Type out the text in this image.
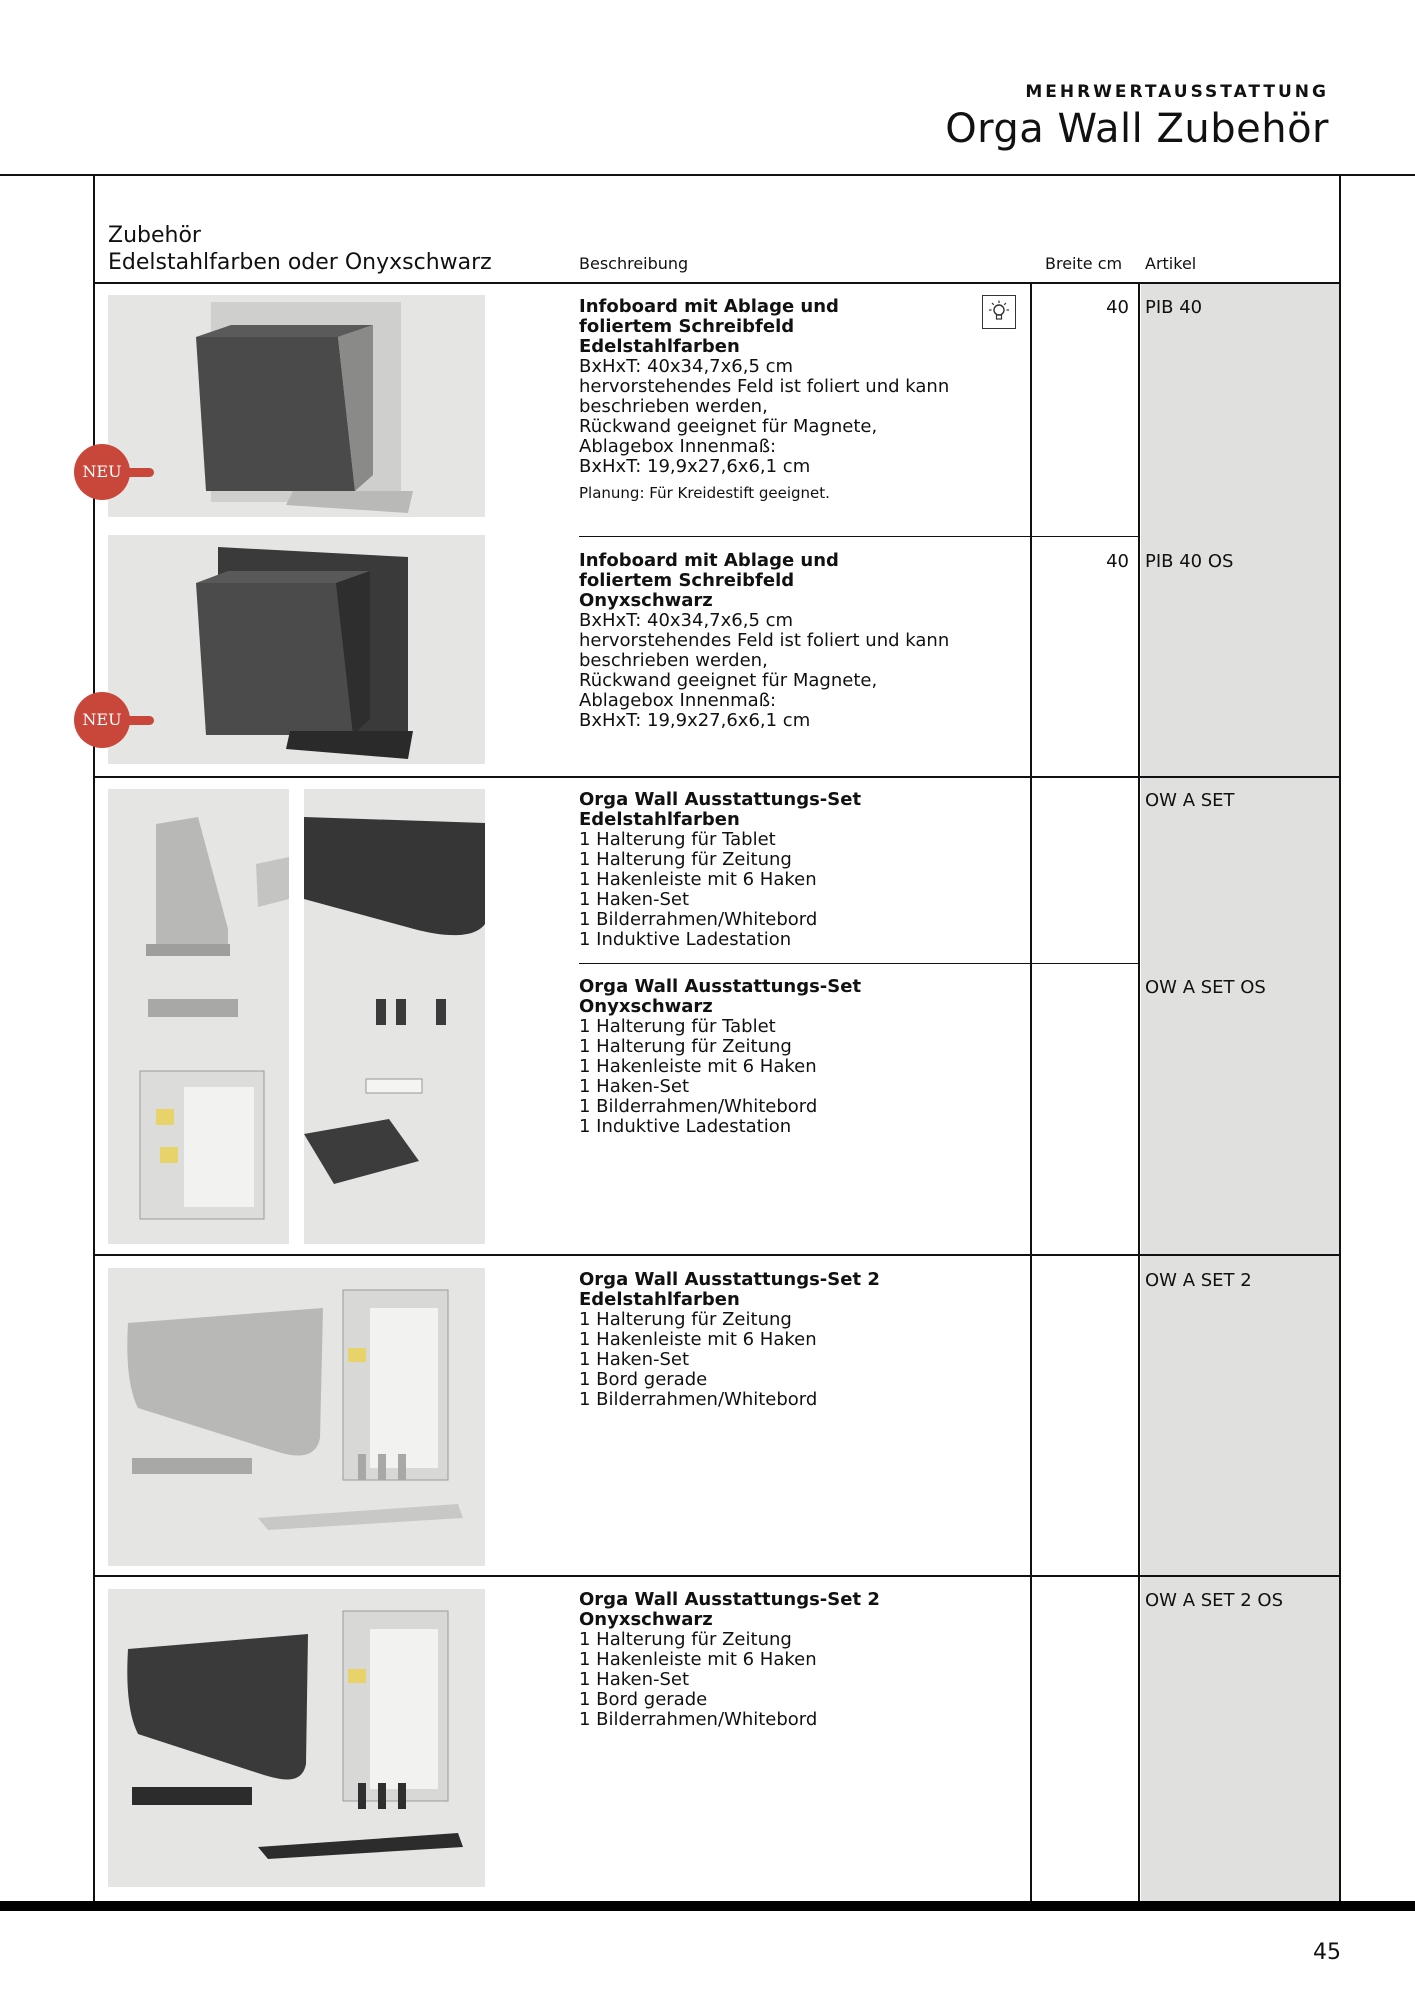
MEHRWERTAUSSTATTUNG
Orga Wall Zubehör
Zubehör
Edelstahlfarben oder Onyxschwarz	Beschreibung	Breite cm Artikel
NEU
NEU
Infoboard mit Ablage und
foliertem Schreibfeld
Edelstahlfarben
BxHxT: 40x34,7x6,5 cm
hervorstehendes Feld ist foliert und kann
beschrieben werden,
Rückwand geeignet für Magnete,
Ablagebox Innenmaß:
BxHxT: 19,9x27,6x6,1 cm
Planung: Für Kreidestift geeignet.
40 PIB 40
Infoboard mit Ablage und
foliertem Schreibfeld
Onyxschwarz
BxHxT: 40x34,7x6,5 cm
hervorstehendes Feld ist foliert und kann
beschrieben werden,
Rückwand geeignet für Magnete,
Ablagebox Innenmaß:
BxHxT: 19,9x27,6x6,1 cm
40 PIB 40 OS
Orga Wall Ausstattungs-Set
Edelstahlfarben
1 Halterung für Tablet
1 Halterung für Zeitung
1 Hakenleiste mit 6 Haken
1 Haken-Set
1 Bilderrahmen/Whitebord
1 Induktive Ladestation
OW A SET
Orga Wall Ausstattungs-Set
Onyxschwarz
1 Halterung für Tablet
1 Halterung für Zeitung
1 Hakenleiste mit 6 Haken
1 Haken-Set
1 Bilderrahmen/Whitebord
1 Induktive Ladestation
OW A SET OS
Orga Wall Ausstattungs-Set 2
Edelstahlfarben
1 Halterung für Zeitung
1 Hakenleiste mit 6 Haken
1 Haken-Set
1 Bord gerade
1 Bilderrahmen/Whitebord
OW A SET 2
Orga Wall Ausstattungs-Set 2
Onyxschwarz
1 Halterung für Zeitung
1 Hakenleiste mit 6 Haken
1 Haken-Set
1 Bord gerade
1 Bilderrahmen/Whitebord
OW A SET 2 OS
45
